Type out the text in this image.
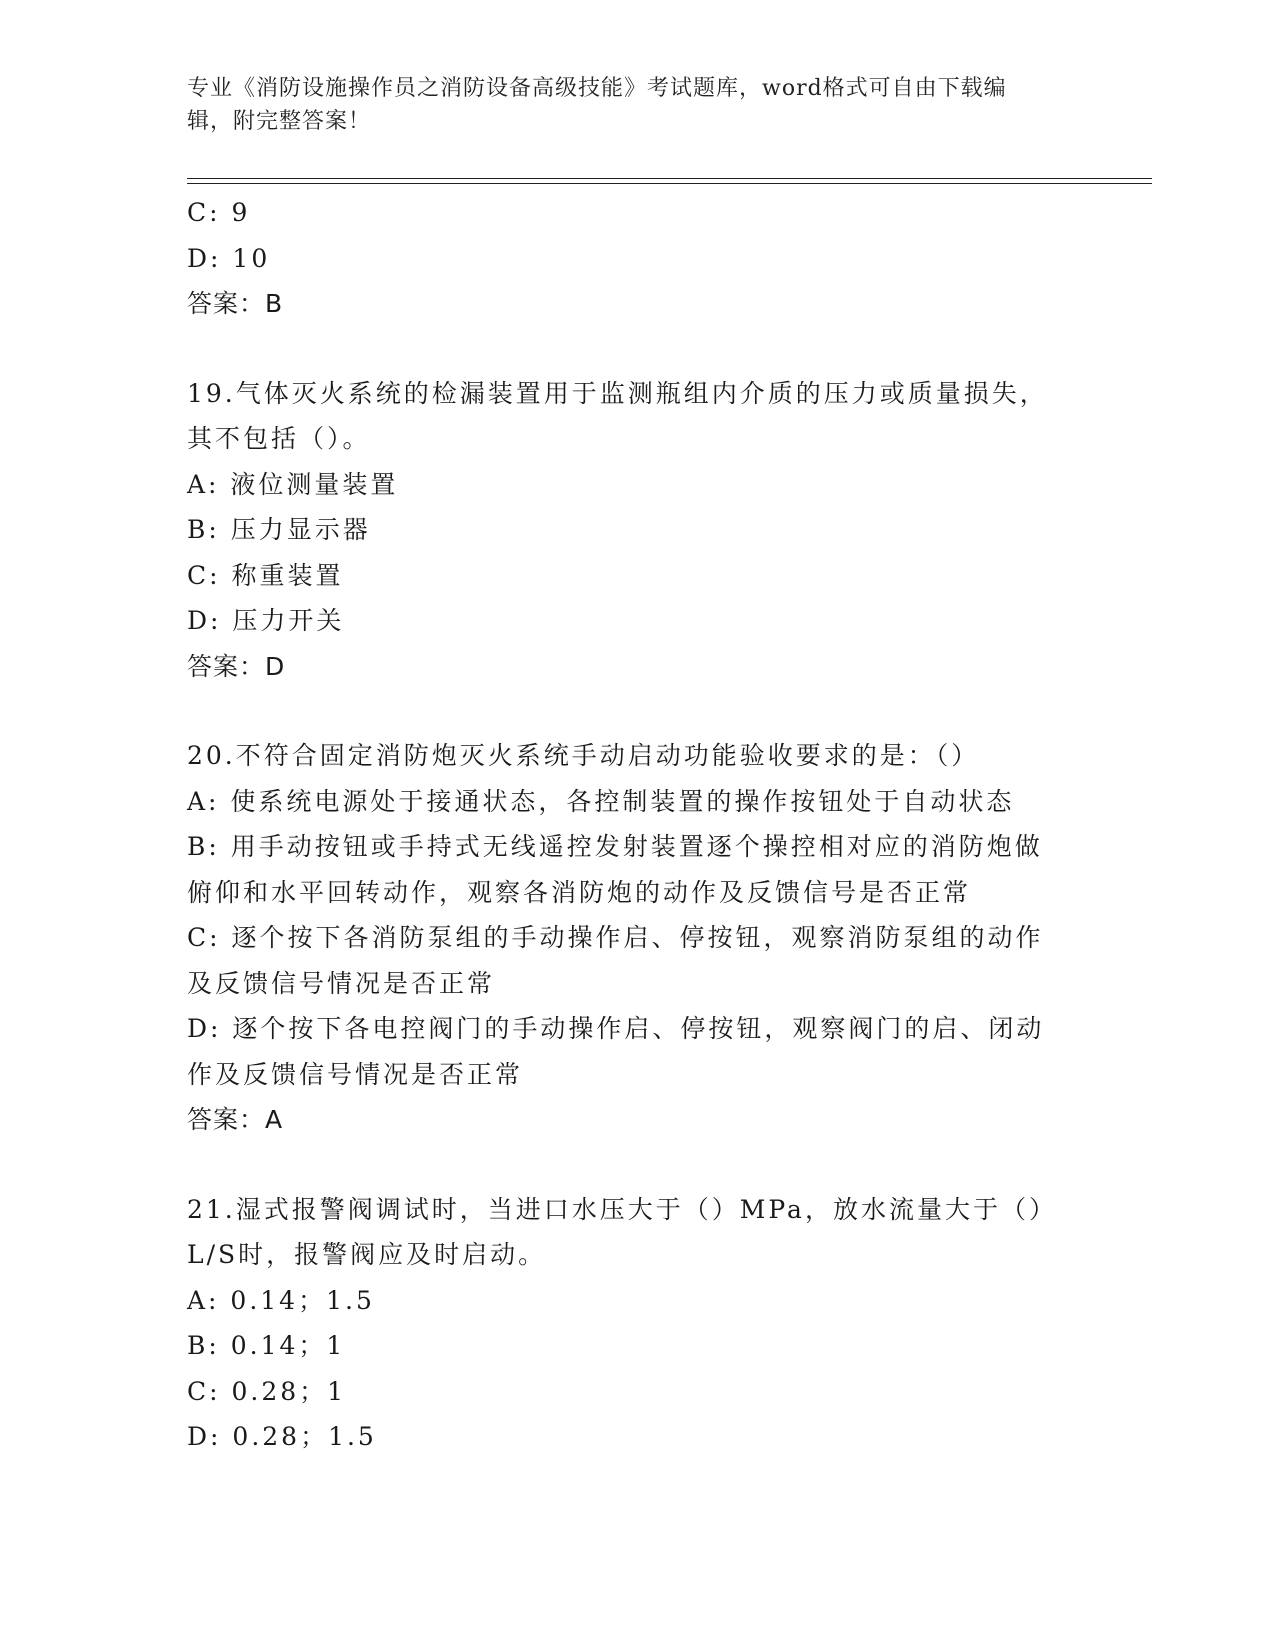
专业《消防设施操作员之消防设备高级技能》考试题库，word格式可自由下载编
辑，附完整答案！
C: 9
D: 10
答案：B
19.气体灭火系统的检漏装置用于监测瓶组内介质的压力或质量损失，
其不包括（）。
A: 液位测量装置
B: 压力显示器
C: 称重装置
D: 压力开关
答案：D
20.不符合固定消防炮灭火系统手动启动功能验收要求的是：（）
A: 使系统电源处于接通状态，各控制装置的操作按钮处于自动状态
B: 用手动按钮或手持式无线遥控发射装置逐个操控相对应的消防炮做
俯仰和水平回转动作，观察各消防炮的动作及反馈信号是否正常
C: 逐个按下各消防泵组的手动操作启、停按钮，观察消防泵组的动作
及反馈信号情况是否正常
D: 逐个按下各电控阀门的手动操作启、停按钮，观察阀门的启、闭动
作及反馈信号情况是否正常
答案：A
21.湿式报警阀调试时，当进口水压大于（）MPa，放水流量大于（）
L/S时，报警阀应及时启动。
A: 0.14；1.5
B: 0.14；1
C: 0.28；1
D: 0.28；1.5
